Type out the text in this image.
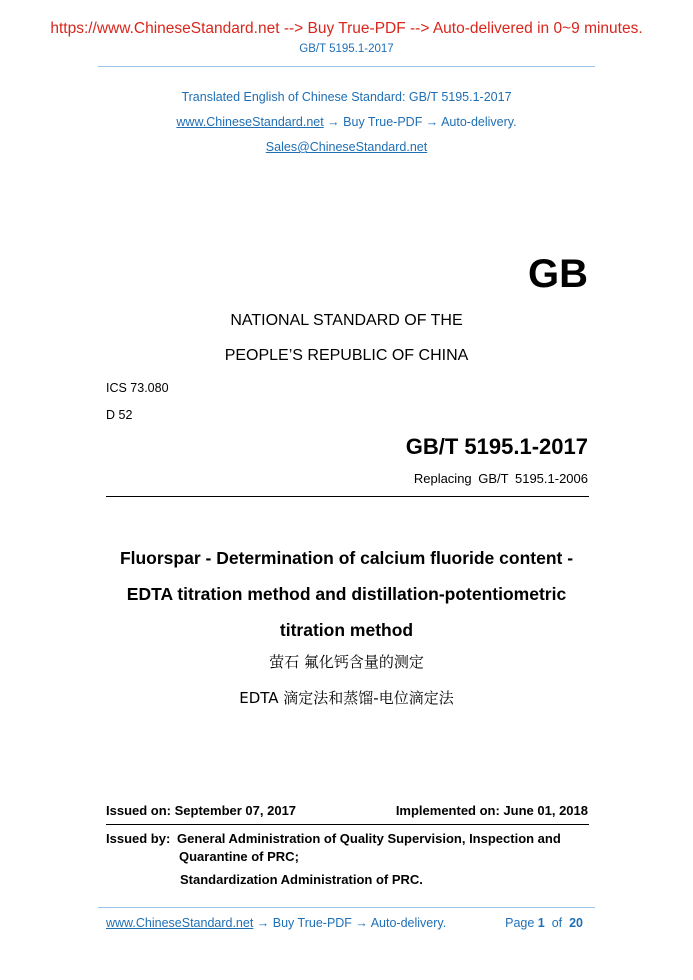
https://www.ChineseStandard.net --> Buy True-PDF --> Auto-delivered in 0~9 minutes.
GB/T 5195.1-2017
Translated English of Chinese Standard: GB/T 5195.1-2017
www.ChineseStandard.net → Buy True-PDF → Auto-delivery.
Sales@ChineseStandard.net
GB
NATIONAL STANDARD OF THE
PEOPLE’S REPUBLIC OF CHINA
ICS 73.080
D 52
GB/T 5195.1-2017
Replacing GB/T 5195.1-2006
Fluorspar - Determination of calcium fluoride content -
EDTA titration method and distillation-potentiometric
titration method
萤石 氟化钙含量的测定
EDTA 滴定法和蒸馏-电位滴定法
Issued on: September 07, 2017	Implemented on: June 01, 2018
Issued by: General Administration of Quality Supervision, Inspection and
Quarantine of PRC;
Standardization Administration of PRC.
www.ChineseStandard.net → Buy True-PDF → Auto-delivery.	Page 1 of 20
